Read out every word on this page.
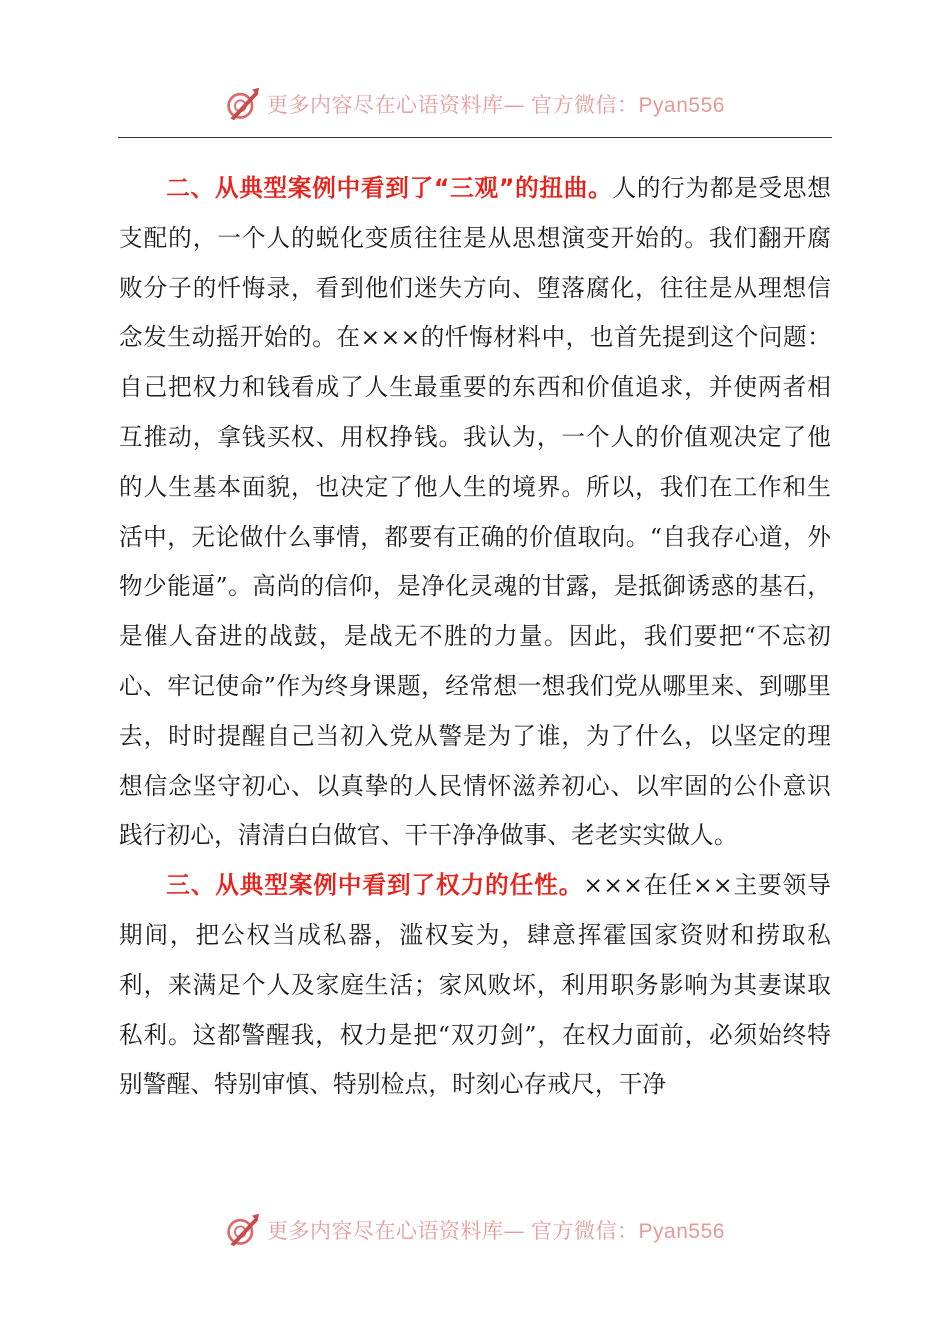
更多内容尽在心语资料库— 官方微信：Pyan556

二、从典型案例中看到了“三观”的扭曲。人的行为都是受思想支配的，一个人的蜕化变质往往是从思想演变开始的。我们翻开腐败分子的忏悔录，看到他们迷失方向、堕落腐化，往往是从理想信念发生动摇开始的。在×××的忏悔材料中，也首先提到这个问题：自己把权力和钱看成了人生最重要的东西和价值追求，并使两者相互推动，拿钱买权、用权挣钱。我认为，一个人的价值观决定了他的人生基本面貌，也决定了他人生的境界。所以，我们在工作和生活中，无论做什么事情，都要有正确的价值取向。“自我存心道，外物少能逼”。高尚的信仰，是净化灵魂的甘露，是抵御诱惑的基石，是催人奋进的战鼓，是战无不胜的力量。因此，我们要把“不忘初心、牢记使命”作为终身课题，经常想一想我们党从哪里来、到哪里去，时时提醒自己当初入党从警是为了谁，为了什么，以坚定的理想信念坚守初心、以真挚的人民情怀滋养初心、以牢固的公仆意识践行初心，清清白白做官、干干净净做事、老老实实做人。

三、从典型案例中看到了权力的任性。×××在任××主要领导期间，把公权当成私器，滥权妄为，肆意挥霍国家资财和捞取私利，来满足个人及家庭生活；家风败坏，利用职务影响为其妻谋取私利。这都警醒我，权力是把“双刃剑”，在权力面前，必须始终特别警醒、特别审慎、特别检点，时刻心存戒尺，干净

更多内容尽在心语资料库— 官方微信：Pyan556
